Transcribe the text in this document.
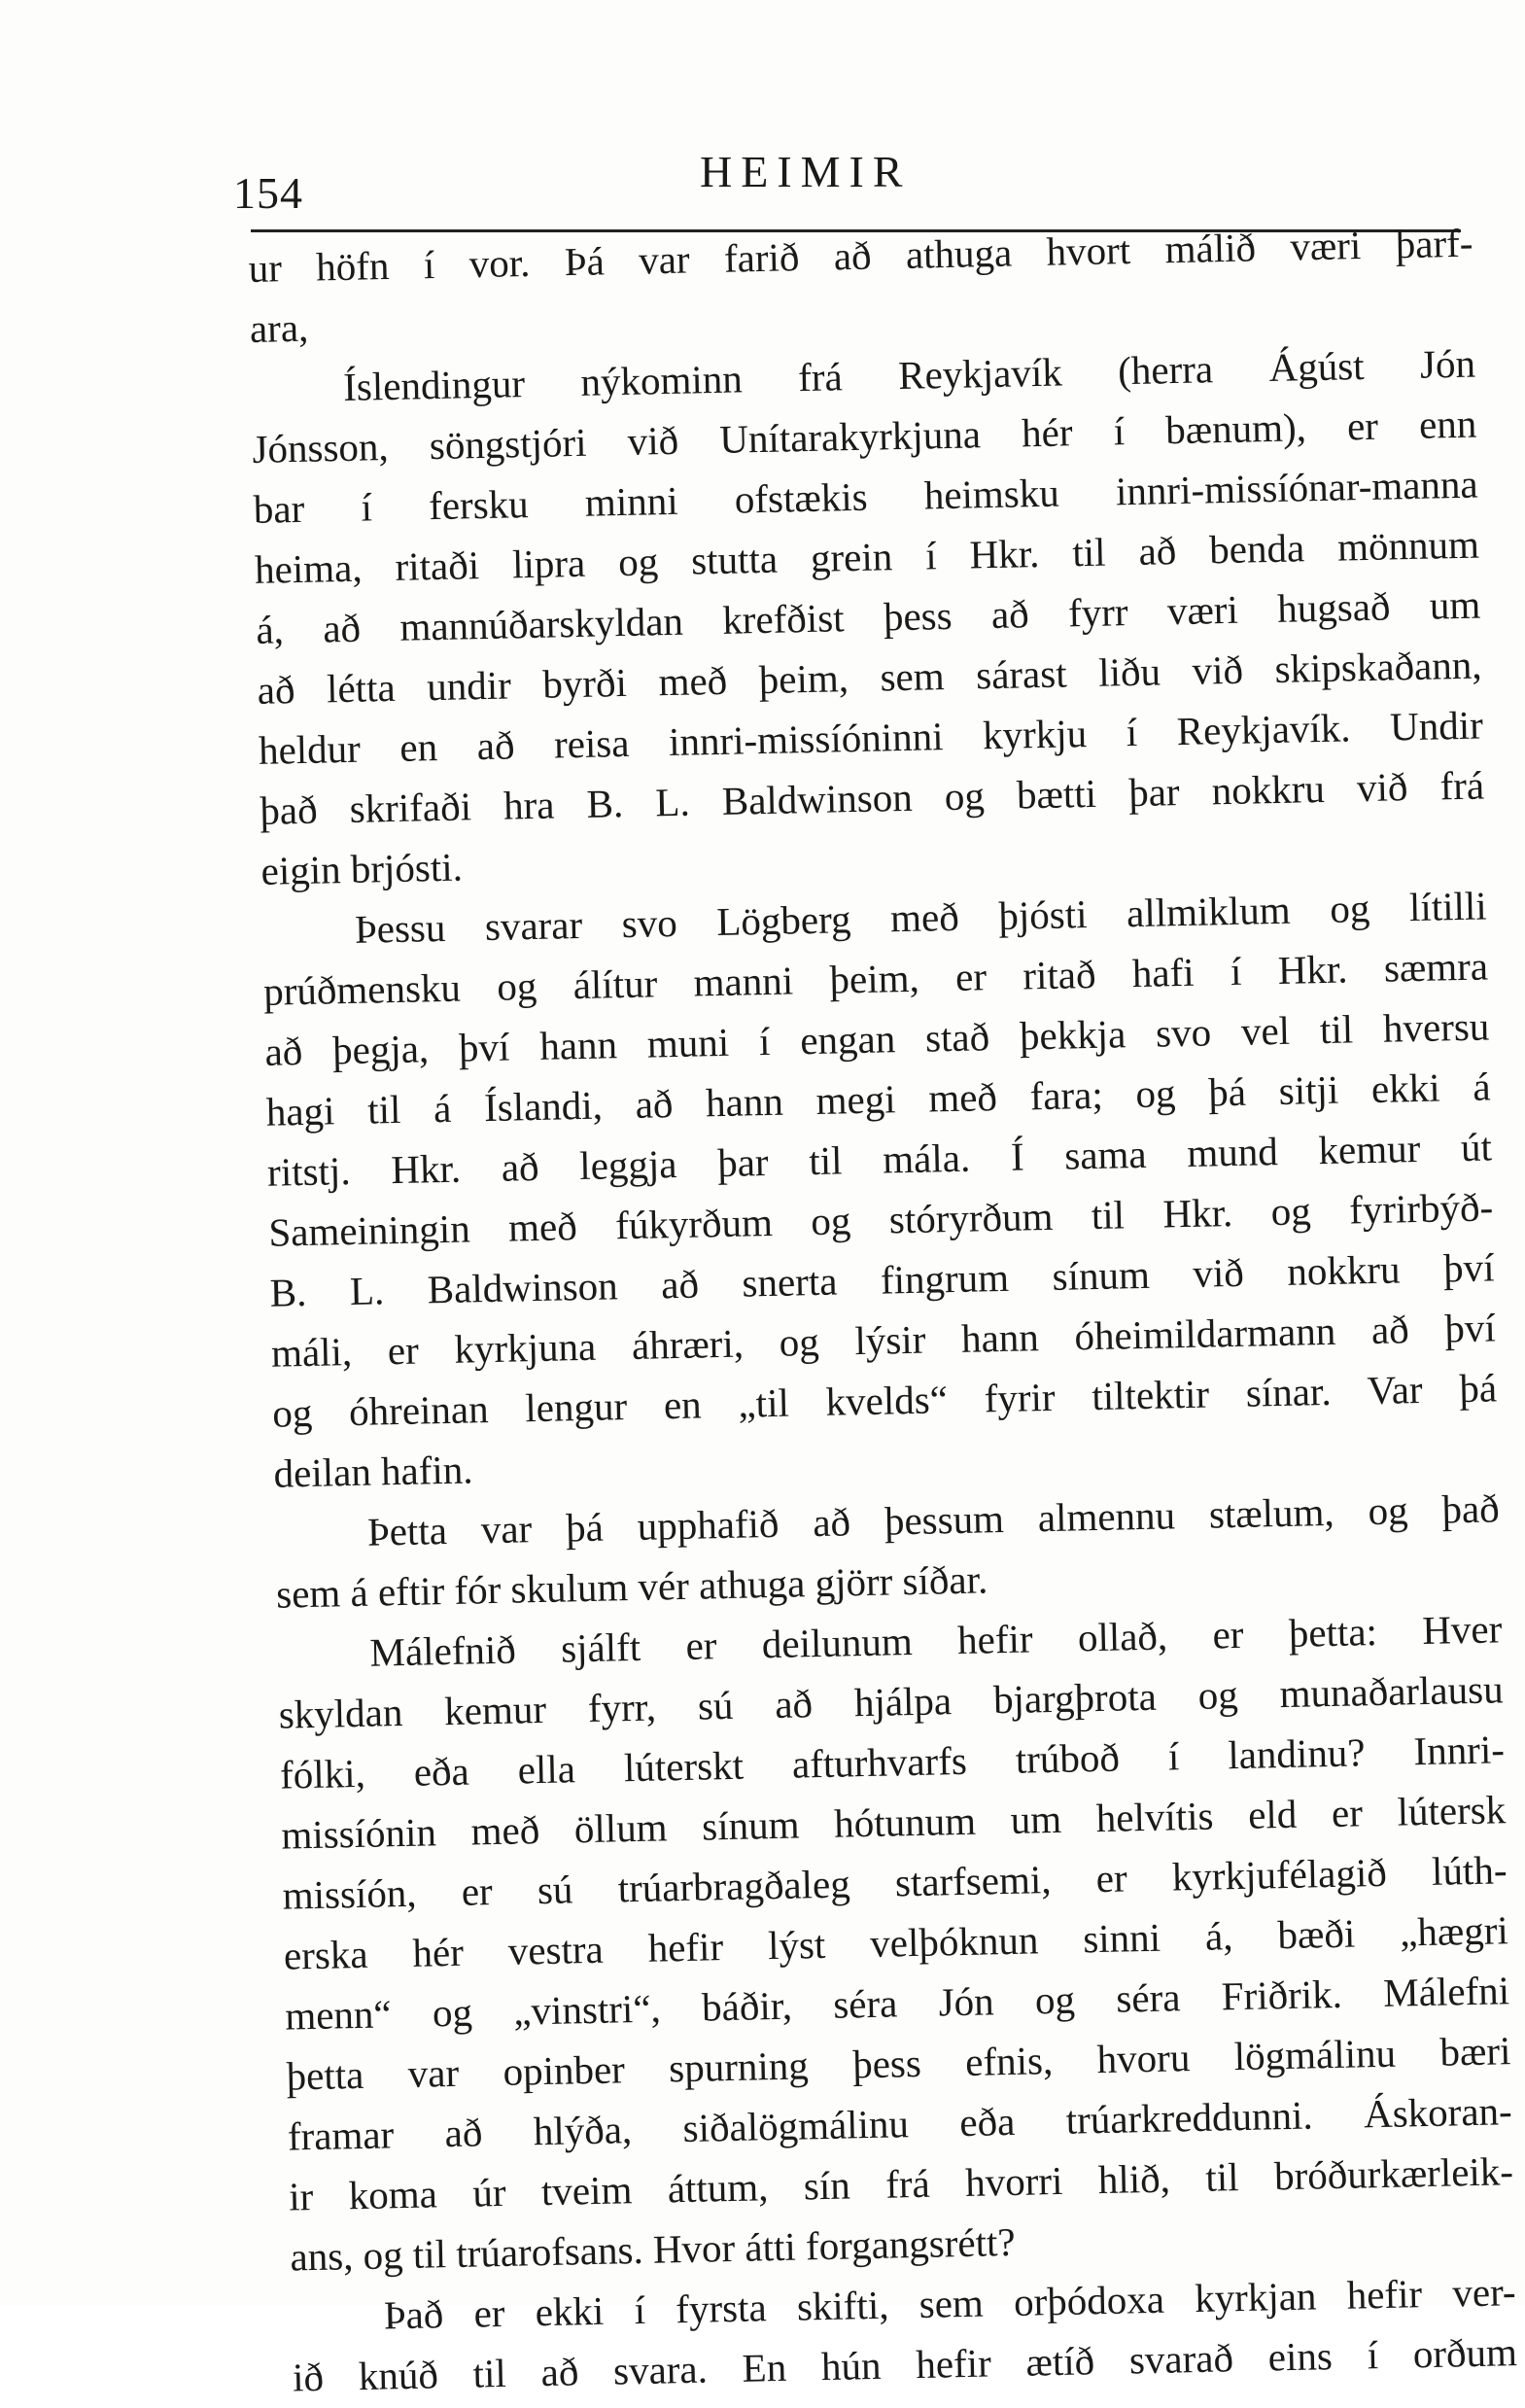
154	HEIMIR
ur höfn í vor. Þá var farið að athuga hvort málið væri þarf-
ara,
Íslendingur nýkominn frá Reykjavík (herra Ágúst Jón
Jónsson, söngstjóri við Unítarakyrkjuna hér í bænum), er enn
bar í fersku minni ofstækis heimsku innri-missíónar-manna
heima, ritaði lipra og stutta grein í Hkr. til að benda mönnum
á, að mannúðarskyldan krefðist þess að fyrr væri hugsað um
að létta undir byrði með þeim, sem sárast liðu við skipskaðann,
heldur en að reisa innri-missíóninni kyrkju í Reykjavík. Undir
það skrifaði hra B. L. Baldwinson og bætti þar nokkru við frá
eigin brjósti.
Þessu svarar svo Lögberg með þjósti allmiklum og lítilli
prúðmensku og álítur manni þeim, er ritað hafi í Hkr. sæmra
að þegja, því hann muni í engan stað þekkja svo vel til hversu
hagi til á Íslandi, að hann megi með fara; og þá sitji ekki á
ritstj. Hkr. að leggja þar til mála. Í sama mund kemur út
Sameiningin með fúkyrðum og stóryrðum til Hkr. og fyrirbýð-
B. L. Baldwinson að snerta fingrum sínum við nokkru því
máli, er kyrkjuna áhræri, og lýsir hann óheimildarmann að því
og óhreinan lengur en „til kvelds“ fyrir tiltektir sínar. Var þá
deilan hafin.
Þetta var þá upphafið að þessum almennu stælum, og það
sem á eftir fór skulum vér athuga gjörr síðar.
Málefnið sjálft er deilunum hefir ollað, er þetta: Hver
skyldan kemur fyrr, sú að hjálpa bjargþrota og munaðarlausu
fólki, eða ella lúterskt afturhvarfs trúboð í landinu? Innri-
missíónin með öllum sínum hótunum um helvítis eld er lútersk
missíón, er sú trúarbragðaleg starfsemi, er kyrkjufélagið lúth-
erska hér vestra hefir lýst velþóknun sinni á, bæði „hægri
menn“ og „vinstri“, báðir, séra Jón og séra Friðrik. Málefni
þetta var opinber spurning þess efnis, hvoru lögmálinu bæri
framar að hlýða, siðalögmálinu eða trúarkreddunni. Áskoran-
ir koma úr tveim áttum, sín frá hvorri hlið, til bróðurkærleik-
ans, og til trúarofsans. Hvor átti forgangsrétt?
Það er ekki í fyrsta skifti, sem orþódoxa kyrkjan hefir ver-
ið knúð til að svara. En hún hefir ætíð svarað eins í orðum
